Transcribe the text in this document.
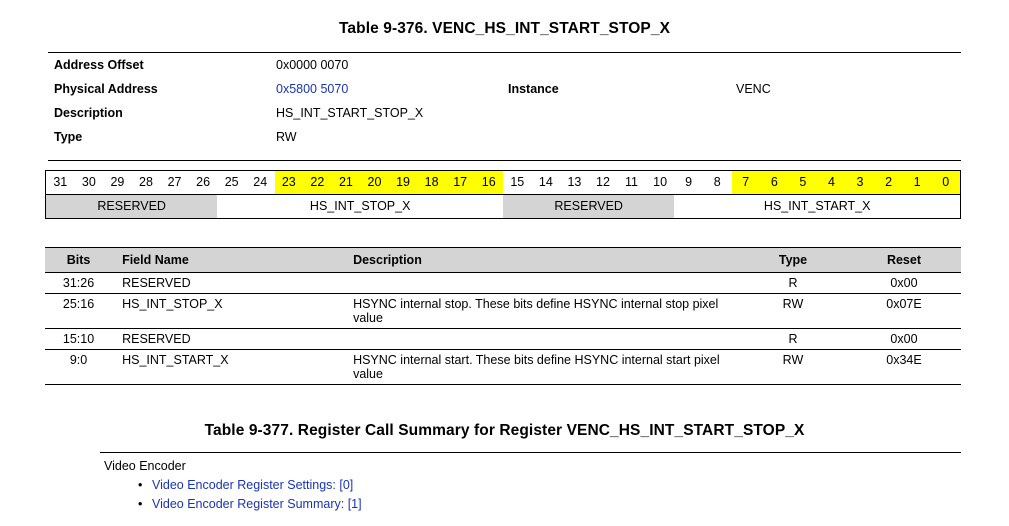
Table 9-376. VENC_HS_INT_START_STOP_X
Address Offset	0x0000 0070
Physical Address	0x5800 5070	Instance	VENC
Description	HS_INT_START_STOP_X
Type	RW
31	30	29	28	27	26	25	24	23	22	21	20	19	18	17	16	15	14	13	12	11	10	9	8	7	6	5	4	3	2	1	0
RESERVED	HS_INT_STOP_X	RESERVED	HS_INT_START_X
Bits	Field Name	Description	Type	Reset
31:26	RESERVED		R	0x00
25:16	HS_INT_STOP_X	HSYNC internal stop. These bits define HSYNC internal stop pixel value	RW	0x07E
15:10	RESERVED		R	0x00
9:0	HS_INT_START_X	HSYNC internal start. These bits define HSYNC internal start pixel value	RW	0x34E
Table 9-377. Register Call Summary for Register VENC_HS_INT_START_STOP_X
Video Encoder
• Video Encoder Register Settings: [0]
• Video Encoder Register Summary: [1]
